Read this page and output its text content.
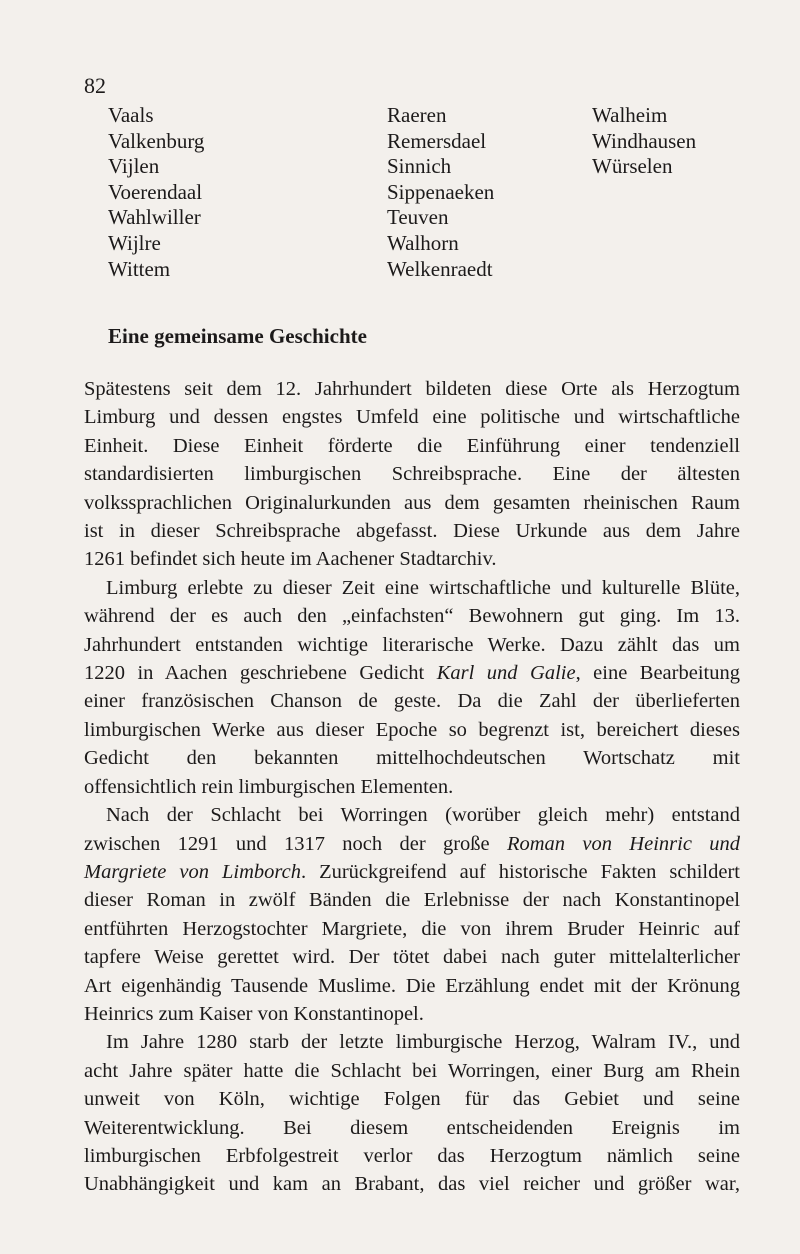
82
Vaals
Valkenburg
Vijlen
Voerendaal
Wahlwiller
Wijlre
Wittem
Raeren
Remersdael
Sinnich
Sippenaeken
Teuven
Walhorn
Welkenraedt
Walheim
Windhausen
Würselen
Eine gemeinsame Geschichte
Spätestens seit dem 12. Jahrhundert bildeten diese Orte als Herzogtum
Limburg und dessen engstes Umfeld eine politische und wirtschaftliche
Einheit. Diese Einheit förderte die Einführung einer tendenziell
standardisierten limburgischen Schreibsprache. Eine der ältesten
volkssprachlichen Originalurkunden aus dem gesamten rheinischen Raum
ist in dieser Schreibsprache abgefasst. Diese Urkunde aus dem Jahre
1261 befindet sich heute im Aachener Stadtarchiv.
Limburg erlebte zu dieser Zeit eine wirtschaftliche und kulturelle Blüte,
während der es auch den „einfachsten“ Bewohnern gut ging. Im 13.
Jahrhundert entstanden wichtige literarische Werke. Dazu zählt das um
1220 in Aachen geschriebene Gedicht Karl und Galie, eine Bearbeitung
einer französischen Chanson de geste. Da die Zahl der überlieferten
limburgischen Werke aus dieser Epoche so begrenzt ist, bereichert dieses
Gedicht den bekannten mittelhochdeutschen Wortschatz mit
offensichtlich rein limburgischen Elementen.
Nach der Schlacht bei Worringen (worüber gleich mehr) entstand
zwischen 1291 und 1317 noch der große Roman von Heinric und
Margriete von Limborch. Zurückgreifend auf historische Fakten schildert
dieser Roman in zwölf Bänden die Erlebnisse der nach Konstantinopel
entführten Herzogstochter Margriete, die von ihrem Bruder Heinric auf
tapfere Weise gerettet wird. Der tötet dabei nach guter mittelalterlicher
Art eigenhändig Tausende Muslime. Die Erzählung endet mit der Krönung
Heinrics zum Kaiser von Konstantinopel.
Im Jahre 1280 starb der letzte limburgische Herzog, Walram IV., und
acht Jahre später hatte die Schlacht bei Worringen, einer Burg am Rhein
unweit von Köln, wichtige Folgen für das Gebiet und seine
Weiterentwicklung. Bei diesem entscheidenden Ereignis im
limburgischen Erbfolgestreit verlor das Herzogtum nämlich seine
Unabhängigkeit und kam an Brabant, das viel reicher und größer war,
